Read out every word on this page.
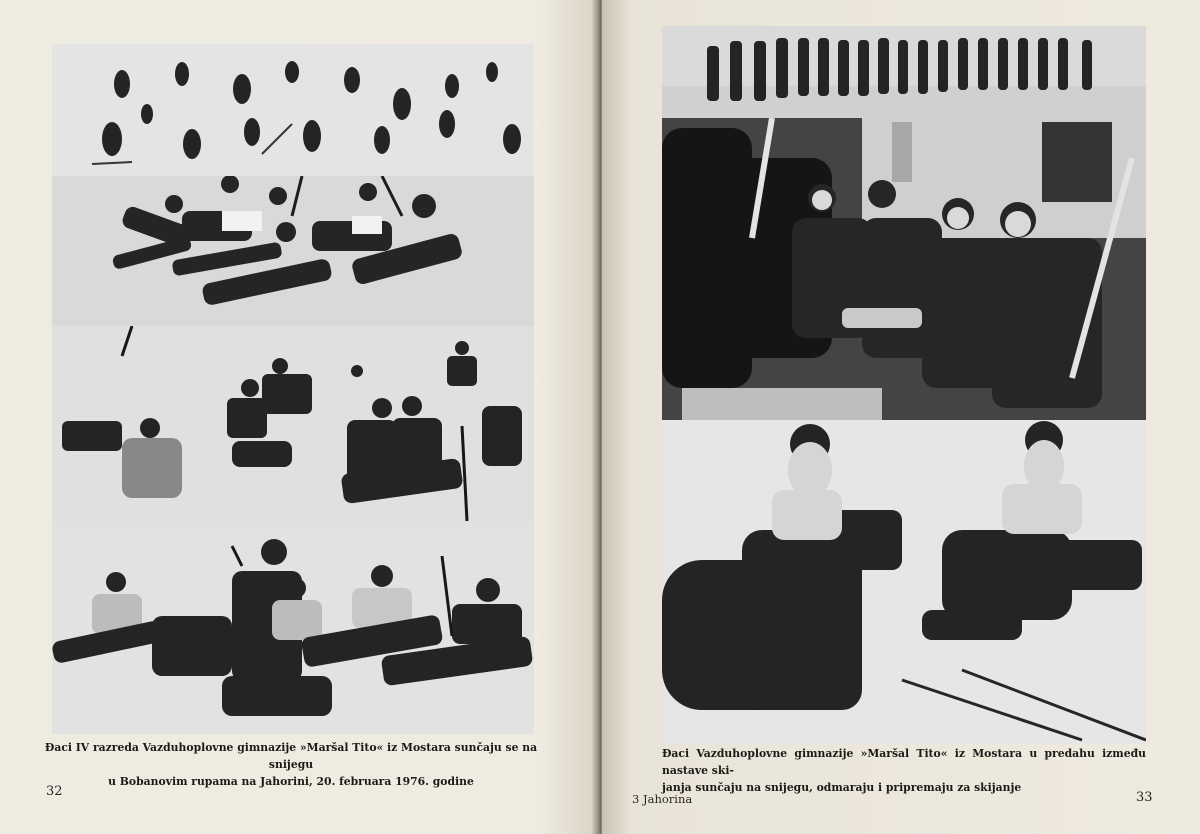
Đaci IV razreda Vazduhoplovne gimnazije »Maršal Tito« iz Mostara sunčaju se na snijegu
u Bobanovim rupama na Jahorini, 20. februara 1976. godine
32
Đaci Vazduhoplovne gimnazije »Maršal Tito« iz Mostara u predahu između nastave ski-
janja sunčaju na snijegu, odmaraju i pripremaju za skijanje
3 Jahorina	33
